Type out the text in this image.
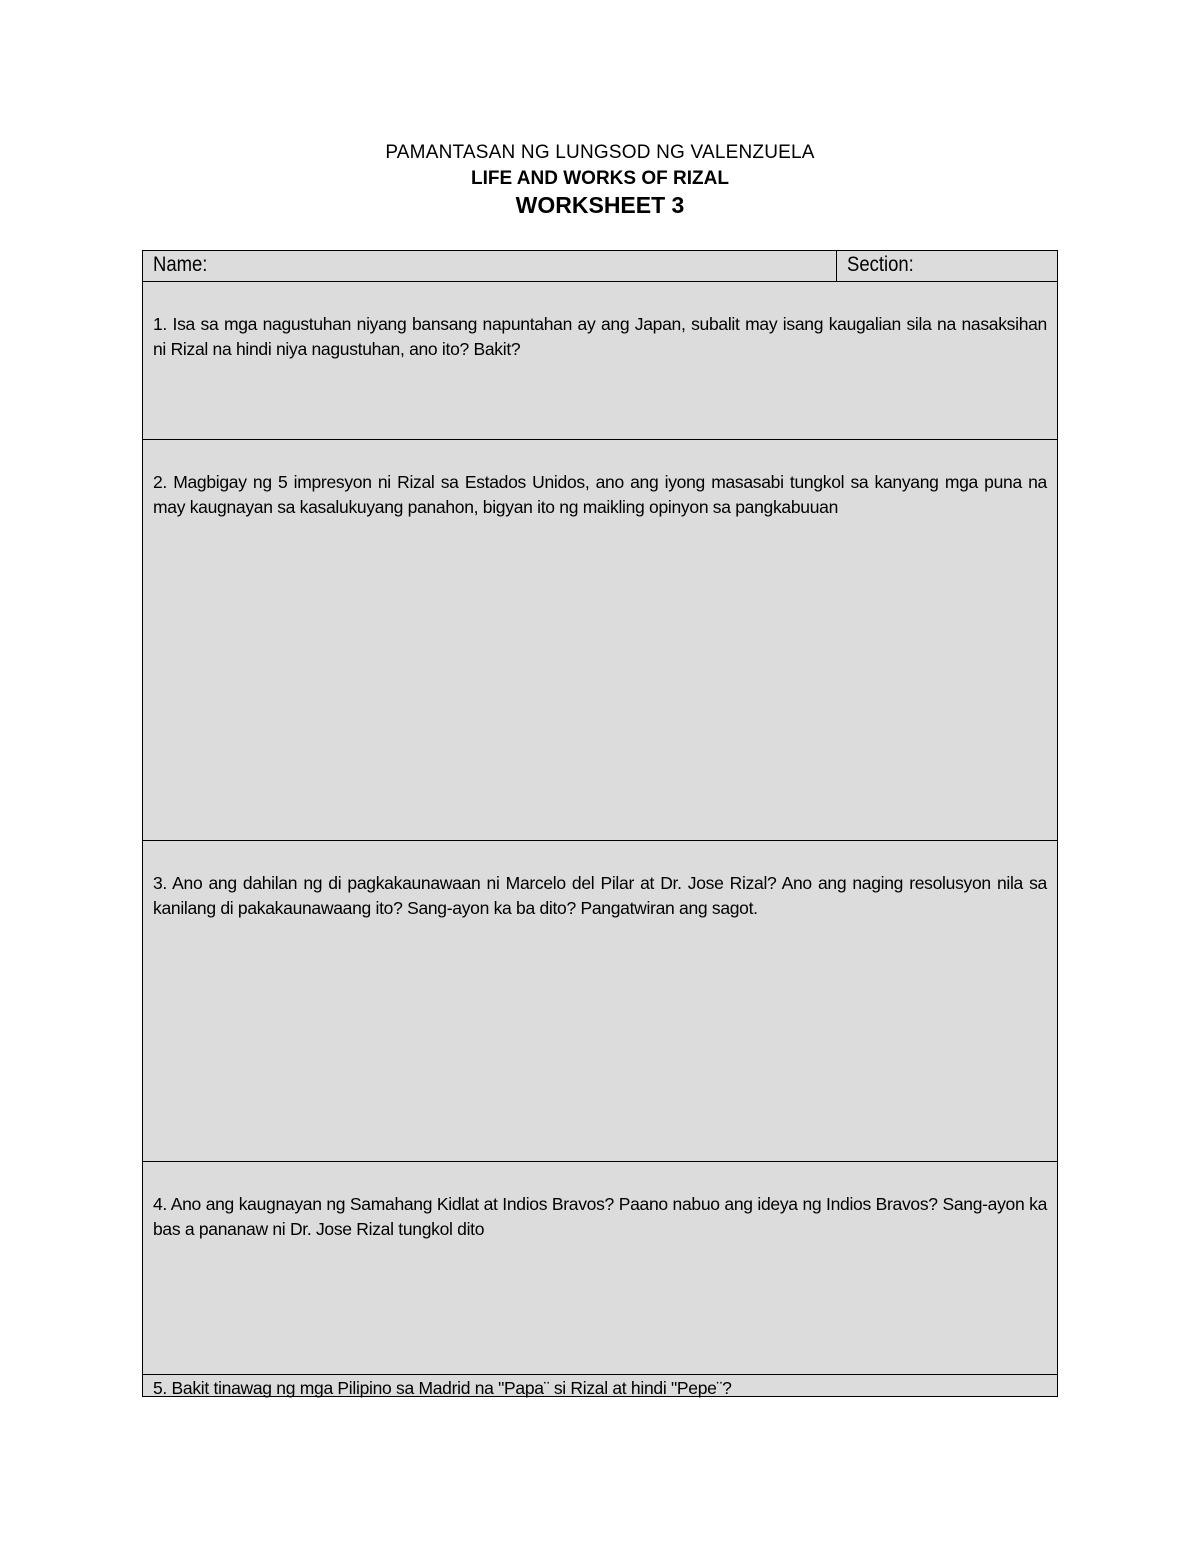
PAMANTASAN NG LUNGSOD NG VALENZUELA
LIFE AND WORKS OF RIZAL
WORKSHEET 3
Name:	Section:
1. Isa sa mga nagustuhan niyang bansang napuntahan ay ang Japan, subalit may isang kaugalian sila na nasaksihan ni Rizal na hindi niya nagustuhan, ano ito? Bakit?
2. Magbigay ng 5 impresyon ni Rizal sa Estados Unidos, ano ang iyong masasabi tungkol sa kanyang mga puna na may kaugnayan sa kasalukuyang panahon, bigyan ito ng maikling opinyon sa pangkabuuan
3. Ano ang dahilan ng di pagkakaunawaan ni Marcelo del Pilar at Dr. Jose Rizal? Ano ang naging resolusyon nila sa kanilang di pakakaunawaang ito? Sang-ayon ka ba dito? Pangatwiran ang sagot.
4. Ano ang kaugnayan ng Samahang Kidlat at Indios Bravos? Paano nabuo ang ideya ng Indios Bravos? Sang-ayon ka bas a pananaw ni Dr. Jose Rizal tungkol dito
5. Bakit tinawag ng mga Pilipino sa Madrid na "Papa¨ si Rizal at hindi "Pepe¨?
